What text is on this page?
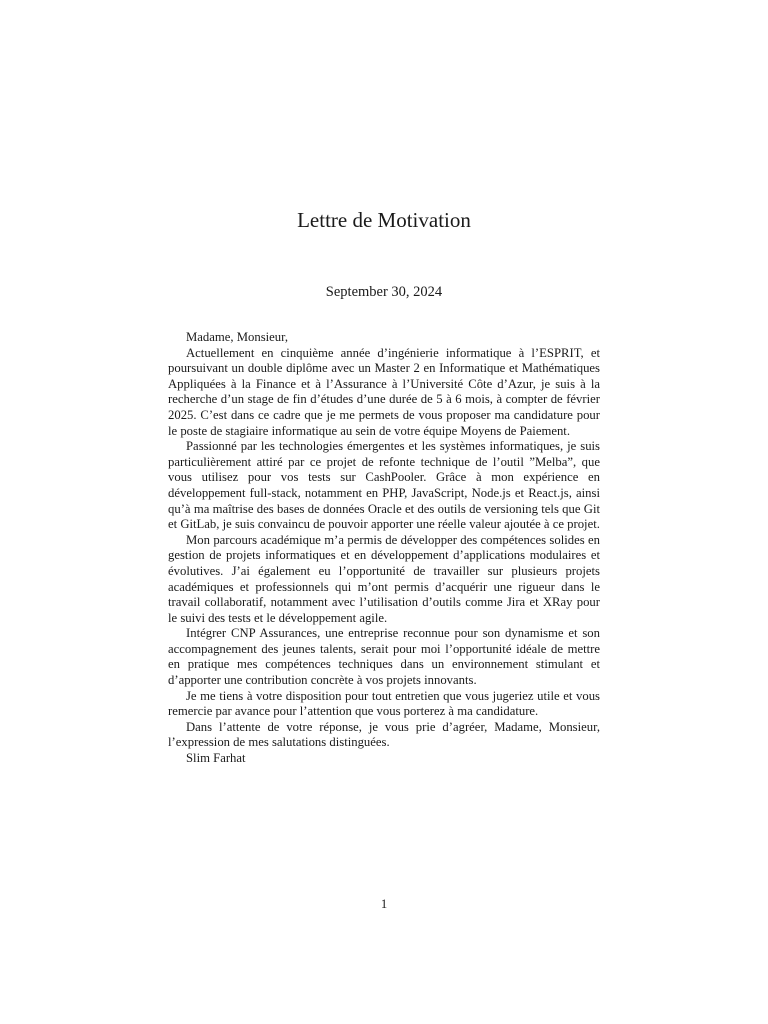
Lettre de Motivation
September 30, 2024

Madame, Monsieur,

Actuellement en cinquième année d’ingénierie informatique à l’ESPRIT, et poursuivant un double diplôme avec un Master 2 en Informatique et Mathématiques Appliquées à la Finance et à l’Assurance à l’Université Côte d’Azur, je suis à la recherche d’un stage de fin d’études d’une durée de 5 à 6 mois, à compter de février 2025. C’est dans ce cadre que je me permets de vous proposer ma candidature pour le poste de stagiaire informatique au sein de votre équipe Moyens de Paiement.

Passionné par les technologies émergentes et les systèmes informatiques, je suis particulièrement attiré par ce projet de refonte technique de l’outil ”Melba”, que vous utilisez pour vos tests sur CashPooler. Grâce à mon expérience en développement full-stack, notamment en PHP, JavaScript, Node.js et React.js, ainsi qu’à ma maîtrise des bases de données Oracle et des outils de versioning tels que Git et GitLab, je suis convaincu de pouvoir apporter une réelle valeur ajoutée à ce projet.

Mon parcours académique m’a permis de développer des compétences solides en gestion de projets informatiques et en développement d’applications modulaires et évolutives. J’ai également eu l’opportunité de travailler sur plusieurs projets académiques et professionnels qui m’ont permis d’acquérir une rigueur dans le travail collaboratif, notamment avec l’utilisation d’outils comme Jira et XRay pour le suivi des tests et le développement agile.

Intégrer CNP Assurances, une entreprise reconnue pour son dynamisme et son accompagnement des jeunes talents, serait pour moi l’opportunité idéale de mettre en pratique mes compétences techniques dans un environnement stimulant et d’apporter une contribution concrète à vos projets innovants.

Je me tiens à votre disposition pour tout entretien que vous jugeriez utile et vous remercie par avance pour l’attention que vous porterez à ma candidature.

Dans l’attente de votre réponse, je vous prie d’agréer, Madame, Monsieur, l’expression de mes salutations distinguées.

Slim Farhat

1
